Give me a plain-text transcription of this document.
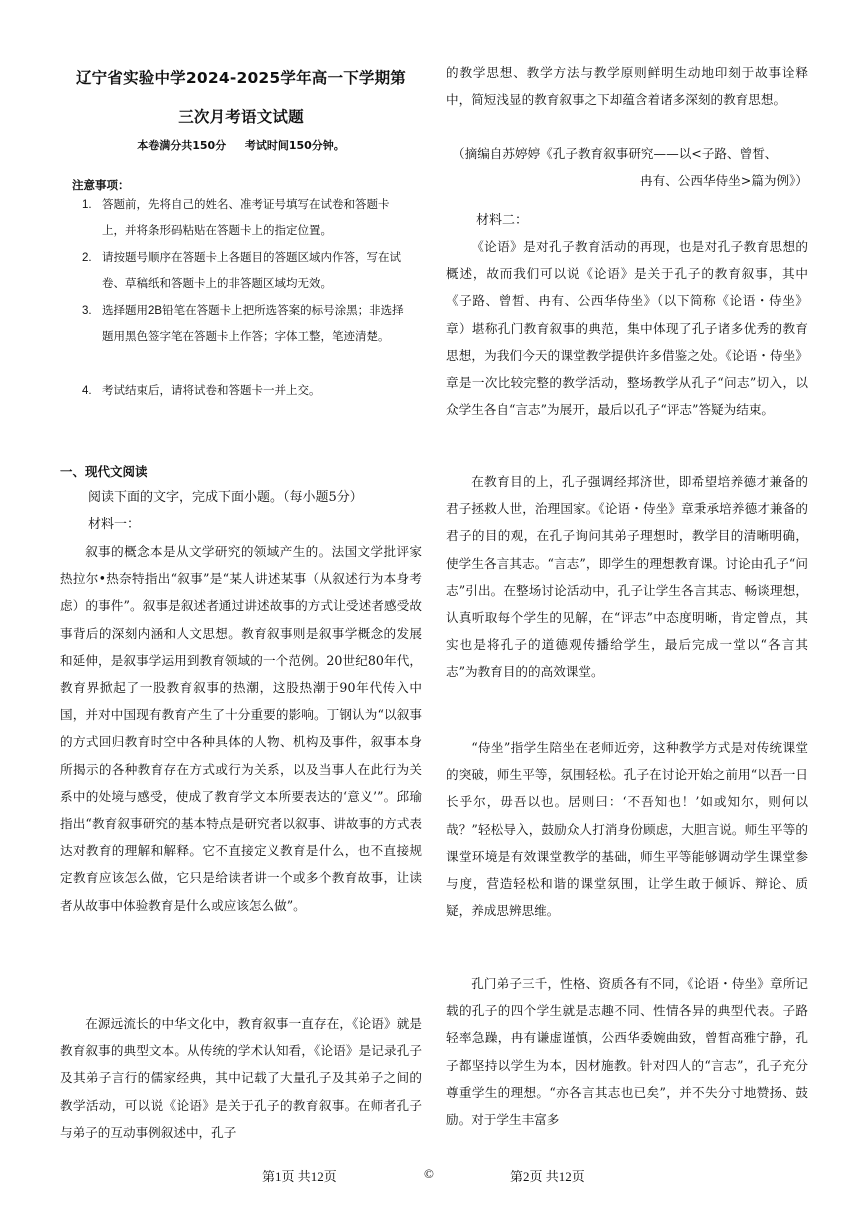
辽宁省实验中学2024-2025学年高一下学期第
三次月考语文试题
本卷满分共150分　  考试时间150分钟。
注意事项：
1. 答题前，先将自己的姓名、准考证号填写在试卷和答题卡上，并将条形码粘贴在答题卡上的指定位置。
2. 请按题号顺序在答题卡上各题目的答题区域内作答，写在试卷、草稿纸和答题卡上的非答题区域均无效。
3. 选择题用2B铅笔在答题卡上把所选答案的标号涂黑；非选择题用黑色签字笔在答题卡上作答；字体工整，笔迹清楚。
4. 考试结束后，请将试卷和答题卡一并上交。
一、现代文阅读
阅读下面的文字，完成下面小题。（每小题5分）
材料一：
叙事的概念本是从文学研究的领域产生的。法国文学批评家热拉尔•热奈特指出“叙事”是“某人讲述某事（从叙述行为本身考虑）的事件”。叙事是叙述者通过讲述故事的方式让受述者感受故事背后的深刻内涵和人文思想。教育叙事则是叙事学概念的发展和延伸，是叙事学运用到教育领域的一个范例。20世纪80年代，教育界掀起了一股教育叙事的热潮，这股热潮于90年代传入中国，并对中国现有教育产生了十分重要的影响。丁钢认为“以叙事的方式回归教育时空中各种具体的人物、机构及事件，叙事本身所揭示的各种教育存在方式或行为关系，以及当事人在此行为关系中的处境与感受，使成了教育学文本所要表达的‘意义’”。邱瑜指出“教育叙事研究的基本特点是研究者以叙事、讲故事的方式表达对教育的理解和解释。它不直接定义教育是什么，也不直接规定教育应该怎么做，它只是给读者讲一个或多个教育故事，让读者从故事中体验教育是什么或应该怎么做”。
在源远流长的中华文化中，教育叙事一直存在，《论语》就是教育叙事的典型文本。从传统的学术认知看，《论语》是记录孔子及其弟子言行的儒家经典，其中记载了大量孔子及其弟子之间的教学活动，可以说《论语》是关于孔子的教育叙事。在师者孔子与弟子的互动事例叙述中，孔子
的教学思想、教学方法与教学原则鲜明生动地印刻于故事诠释中，简短浅显的教育叙事之下却蕴含着诸多深刻的教育思想。
（摘编自苏婷婷《孔子教育叙事研究——以<子路、曾皙、
冉有、公西华侍坐>篇为例》）
材料二：
《论语》是对孔子教育活动的再现，也是对孔子教育思想的概述，故而我们可以说《论语》是关于孔子的教育叙事，其中《子路、曾皙、冉有、公西华侍坐》（以下简称《论语・侍坐》章）堪称孔门教育叙事的典范，集中体现了孔子诸多优秀的教育思想，为我们今天的课堂教学提供许多借鉴之处。《论语・侍坐》章是一次比较完整的教学活动，整场教学从孔子“问志”切入，以众学生各自“言志”为展开，最后以孔子“评志”答疑为结束。
在教育目的上，孔子强调经邦济世，即希望培养德才兼备的君子拯救人世，治理国家。《论语・侍坐》章秉承培养德才兼备的君子的目的观，在孔子询问其弟子理想时，教学目的清晰明确，使学生各言其志。“言志”，即学生的理想教育课。讨论由孔子“问志”引出。在整场讨论活动中，孔子让学生各言其志、畅谈理想，认真听取每个学生的见解，在“评志”中态度明晰，肯定曾点，其实也是将孔子的道德观传播给学生，最后完成一堂以“各言其志”为教育目的的高效课堂。
“侍坐”指学生陪坐在老师近旁，这种教学方式是对传统课堂的突破，师生平等，氛围轻松。孔子在讨论开始之前用“以吾一日长乎尔，毋吾以也。居则曰：‘不吾知也！’如或知尔，则何以哉？”轻松导入，鼓励众人打消身份顾虑，大胆言说。师生平等的课堂环境是有效课堂教学的基础，师生平等能够调动学生课堂参与度，营造轻松和谐的课堂氛围，让学生敢于倾诉、辩论、质疑，养成思辨思维。
孔门弟子三千，性格、资质各有不同，《论语・侍坐》章所记载的孔子的四个学生就是志趣不同、性情各异的典型代表。子路轻率急躁，冉有谦虚谨慎，公西华委婉曲致，曾皙高雅宁静，孔子都坚持以学生为本，因材施教。针对四人的“言志”，孔子充分尊重学生的理想。“亦各言其志也已矣”，并不失分寸地赞扬、鼓励。对于学生丰富多
第1页 共12页	©	第2页 共12页
